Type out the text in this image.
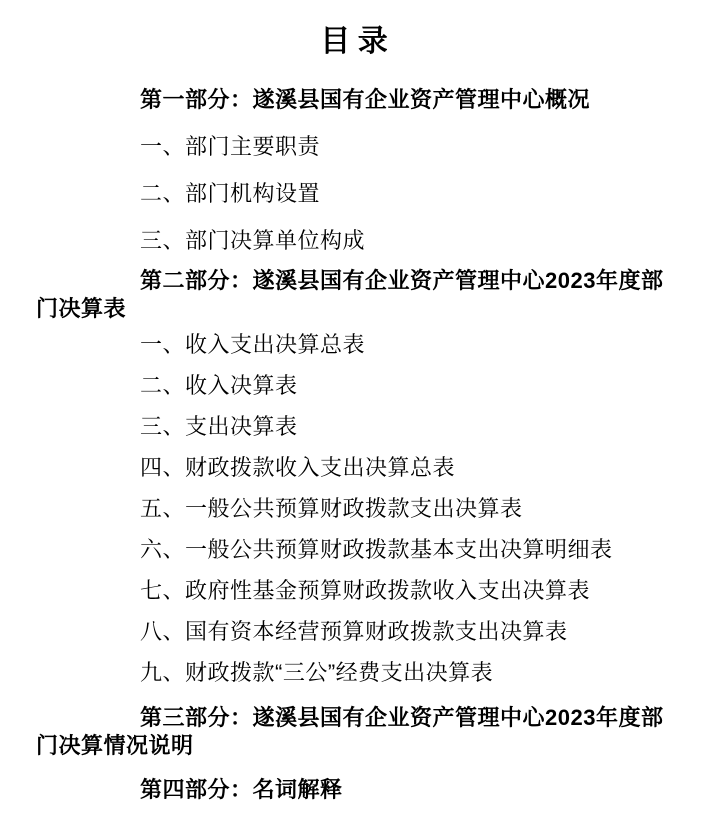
目 录

第一部分：遂溪县国有企业资产管理中心概况

一、部门主要职责

二、部门机构设置

三、部门决算单位构成

第二部分：遂溪县国有企业资产管理中心2023年度部门决算表

一、收入支出决算总表

二、收入决算表

三、支出决算表

四、财政拨款收入支出决算总表

五、一般公共预算财政拨款支出决算表

六、一般公共预算财政拨款基本支出决算明细表

七、政府性基金预算财政拨款收入支出决算表

八、国有资本经营预算财政拨款支出决算表

九、财政拨款“三公”经费支出决算表

第三部分：遂溪县国有企业资产管理中心2023年度部门决算情况说明

第四部分：名词解释
